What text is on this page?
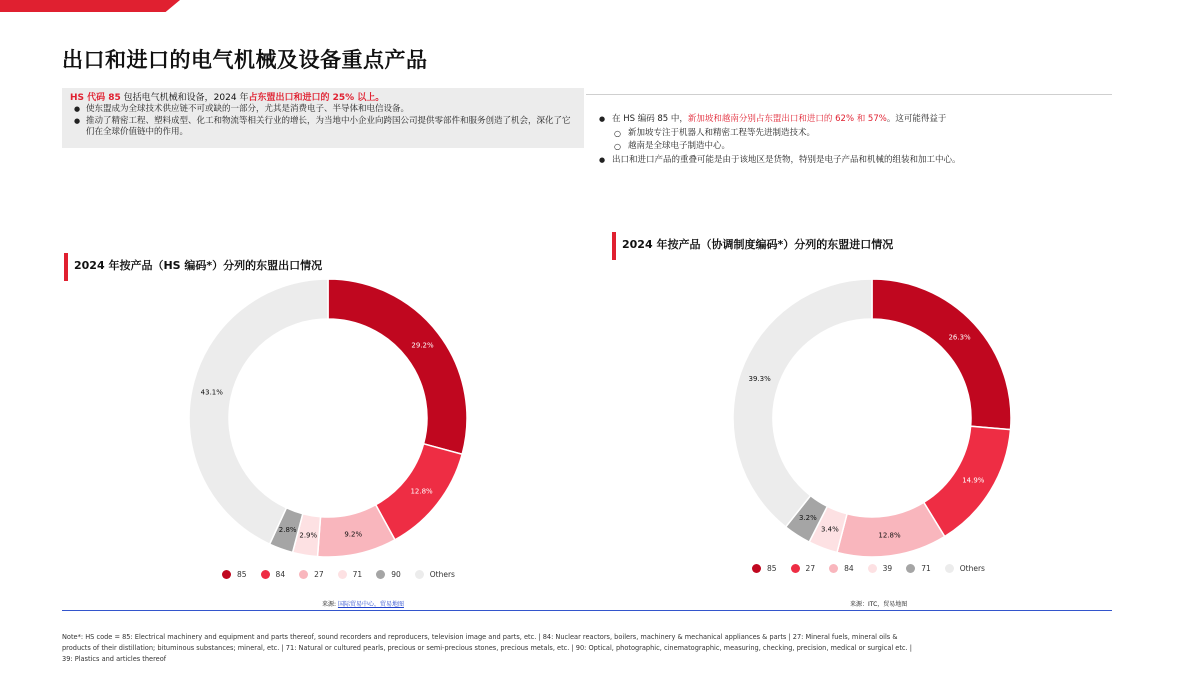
出口和进口的电气机械及设备重点产品
HS 代码 85 包括电气机械和设备，2024 年占东盟出口和进口的 25% 以上。
● 使东盟成为全球技术供应链不可或缺的一部分，尤其是消费电子、半导体和电信设备。
● 推动了精密工程、塑料成型、化工和物流等相关行业的增长，为当地中小企业向跨国公司提供零部件和服务创造了机会，深化了它们在全球价值链中的作用。
● 在 HS 编码 85 中，新加坡和越南分别占东盟出口和进口的 62% 和 57%。这可能得益于
○ 新加坡专注于机器人和精密工程等先进制造技术。
○ 越南是全球电子制造中心。
● 出口和进口产品的重叠可能是由于该地区是货物，特别是电子产品和机械的组装和加工中心。
2024 年按产品（HS 编码*）分列的东盟出口情况
29.2%
12.8%
9.2%
2.9%
2.8%
43.1%
85	84	27	71	90	Others
来源: 国际贸易中心，贸易地图
2024 年按产品（协调制度编码*）分列的东盟进口情况
26.3%
14.9%
12.8%
3.4%
3.2%
39.3%
85	27	84	39	71	Others
来源：ITC，贸易地图
Note*: HS code = 85: Electrical machinery and equipment and parts thereof, sound recorders and reproducers, television image and parts, etc. | 84: Nuclear reactors, boilers, machinery & mechanical appliances & parts | 27: Mineral fuels, mineral oils & products of their distillation; bituminous substances; mineral, etc. | 71: Natural or cultured pearls, precious or semi-precious stones, precious metals, etc. | 90: Optical, photographic, cinematographic, measuring, checking, precision, medical or surgical etc. | 39: Plastics and articles thereof
